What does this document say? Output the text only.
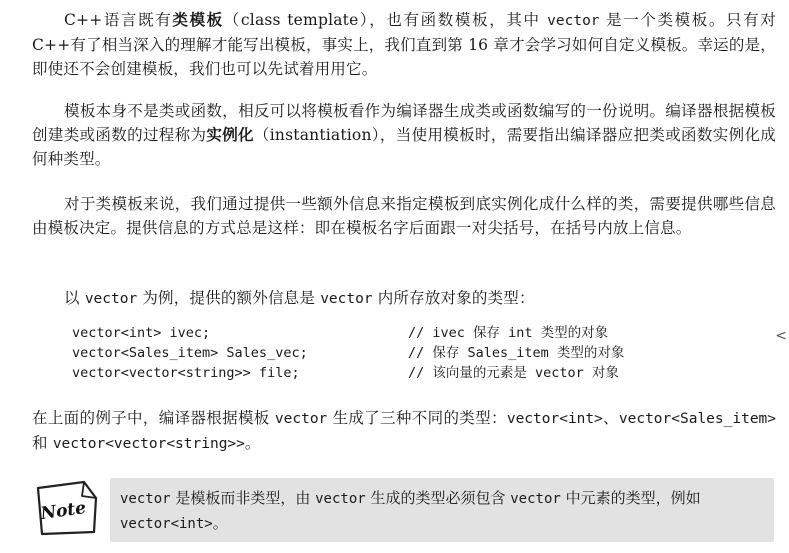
C++语言既有类模板（class template），也有函数模板，其中 vector 是一个类模板。只有对 C++有了相当深入的理解才能写出模板，事实上，我们直到第 16 章才会学习如何自定义模板。幸运的是，即使还不会创建模板，我们也可以先试着用用它。

模板本身不是类或函数，相反可以将模板看作为编译器生成类或函数编写的一份说明。编译器根据模板创建类或函数的过程称为实例化（instantiation），当使用模板时，需要指出编译器应把类或函数实例化成何种类型。

对于类模板来说，我们通过提供一些额外信息来指定模板到底实例化成什么样的类，需要提供哪些信息由模板决定。提供信息的方式总是这样：即在模板名字后面跟一对尖括号，在括号内放上信息。

以 vector 为例，提供的额外信息是 vector 内所存放对象的类型：

vector<int> ivec;	// ivec 保存 int 类型的对象
vector<Sales_item> Sales_vec;	// 保存 Sales_item 类型的对象
vector<vector<string>> file;	// 该向量的元素是 vector 对象
<

在上面的例子中，编译器根据模板 vector 生成了三种不同的类型：vector<int>、vector<Sales_item>和 vector<vector<string>>。

Note vector 是模板而非类型，由 vector 生成的类型必须包含 vector 中元素的类型，例如 vector<int>。
